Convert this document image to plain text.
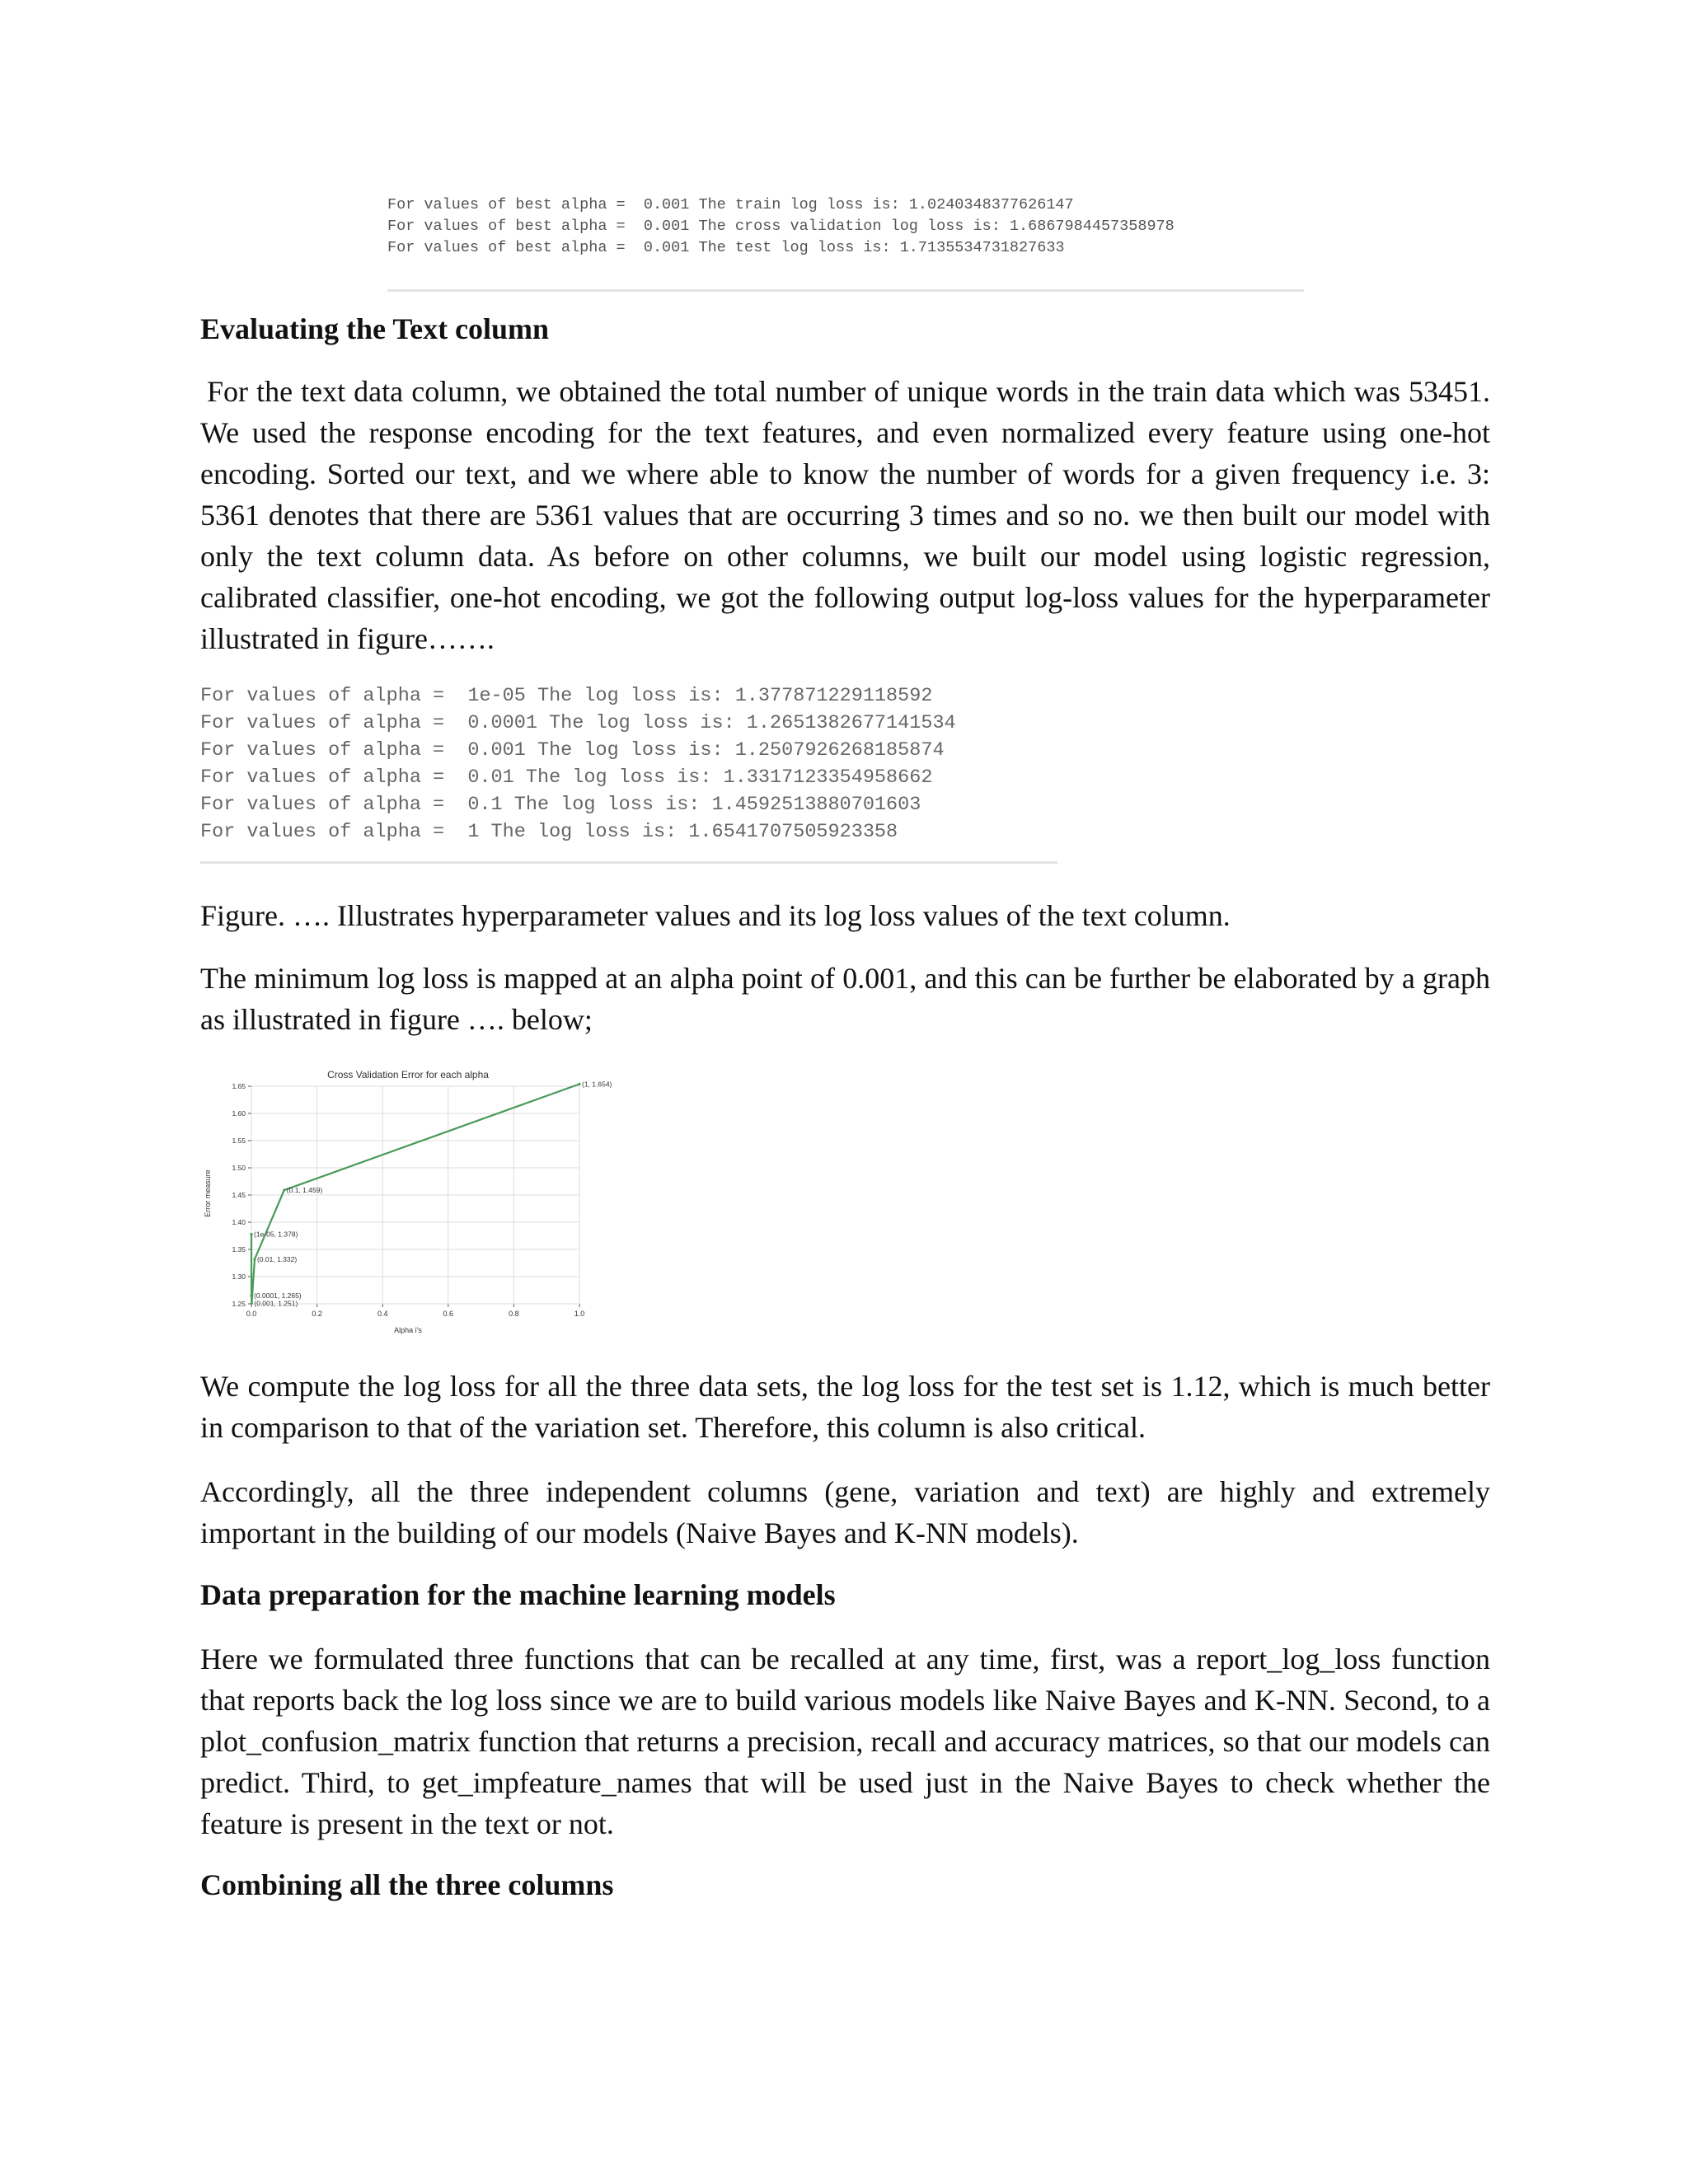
For values of best alpha =  0.001 The train log loss is: 1.0240348377626147
For values of best alpha =  0.001 The cross validation log loss is: 1.6867984457358978
For values of best alpha =  0.001 The test log loss is: 1.7135534731827633
Evaluating the Text column
For the text data column, we obtained the total number of unique words in the train data which was 53451. We used the response encoding for the text features, and even normalized every feature using one-hot encoding. Sorted our text, and we where able to know the number of words for a given frequency i.e. 3: 5361 denotes that there are 5361 values that are occurring 3 times and so no. we then built our model with only the text column data. As before on other columns, we built our model using logistic regression, calibrated classifier, one-hot encoding, we got the following output log-loss values for the hyperparameter illustrated in figure…….
For values of alpha =  1e-05 The log loss is: 1.377871229118592
For values of alpha =  0.0001 The log loss is: 1.2651382677141534
For values of alpha =  0.001 The log loss is: 1.2507926268185874
For values of alpha =  0.01 The log loss is: 1.3317123354958662
For values of alpha =  0.1 The log loss is: 1.4592513880701603
For values of alpha =  1 The log loss is: 1.6541707505923358
Figure. …. Illustrates hyperparameter values and its log loss values of the text column.
The minimum log loss is mapped at an alpha point of 0.001, and this can be further be elaborated by a graph as illustrated in figure …. below;
Cross Validation Error for each alpha
Alpha i's
Error measure
0.0	0.2	0.4	0.6	0.8	1.0
1.25
1.30
1.35
1.40
1.45
1.50
1.55
1.60
1.65
(1e-05, 1.378)
(0.0001, 1.265)
(0.001, 1.251)
(0.01, 1.332)
(0.1, 1.459)
(1, 1.654)
We compute the log loss for all the three data sets, the log loss for the test set is 1.12, which is much better in comparison to that of the variation set. Therefore, this column is also critical.
Accordingly, all the three independent columns (gene, variation and text) are highly and extremely important in the building of our models (Naive Bayes and K-NN models).
Data preparation for the machine learning models
Here we formulated three functions that can be recalled at any time, first, was a report_log_loss function that reports back the log loss since we are to build various models like Naive Bayes and K-NN. Second, to a plot_confusion_matrix function that returns a precision, recall and accuracy matrices, so that our models can predict. Third, to get_impfeature_names that will be used just in the Naive Bayes to check whether the feature is present in the text or not.
Combining all the three columns
